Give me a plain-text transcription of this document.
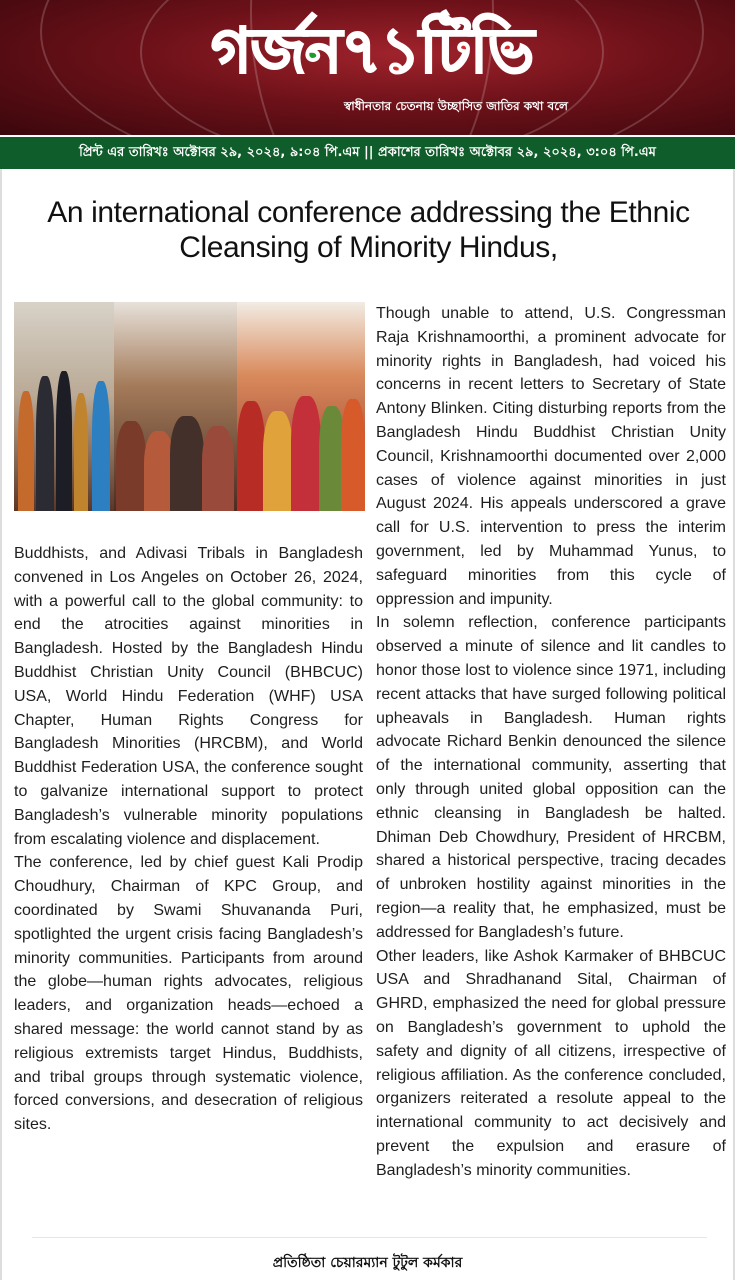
গর্জন৭১টিভি
স্বাধীনতার চেতনায় উচ্ছাসিত জাতির কথা বলে
প্রিন্ট এর তারিখঃ অক্টোবর ২৯, ২০২৪, ৯:০৪ পি.এম || প্রকাশের তারিখঃ অক্টোবর ২৯, ২০২৪, ৩:০৪ পি.এম
An international conference addressing the Ethnic Cleansing of Minority Hindus,

Buddhists, and Adivasi Tribals in Bangladesh convened in Los Angeles on October 26, 2024, with a powerful call to the global community: to end the atrocities against minorities in Bangladesh. Hosted by the Bangladesh Hindu Buddhist Christian Unity Council (BHBCUC) USA, World Hindu Federation (WHF) USA Chapter, Human Rights Congress for Bangladesh Minorities (HRCBM), and World Buddhist Federation USA, the conference sought to galvanize international support to protect Bangladesh’s vulnerable minority populations from escalating violence and displacement.

The conference, led by chief guest Kali Prodip Choudhury, Chairman of KPC Group, and coordinated by Swami Shuvananda Puri, spotlighted the urgent crisis facing Bangladesh’s minority communities. Participants from around the globe—human rights advocates, religious leaders, and organization heads—echoed a shared message: the world cannot stand by as religious extremists target Hindus, Buddhists, and tribal groups through systematic violence, forced conversions, and desecration of religious sites.

Though unable to attend, U.S. Congressman Raja Krishnamoorthi, a prominent advocate for minority rights in Bangladesh, had voiced his concerns in recent letters to Secretary of State Antony Blinken. Citing disturbing reports from the Bangladesh Hindu Buddhist Christian Unity Council, Krishnamoorthi documented over 2,000 cases of violence against minorities in just August 2024. His appeals underscored a grave call for U.S. intervention to press the interim government, led by Muhammad Yunus, to safeguard minorities from this cycle of oppression and impunity.

In solemn reflection, conference participants observed a minute of silence and lit candles to honor those lost to violence since 1971, including recent attacks that have surged following political upheavals in Bangladesh. Human rights advocate Richard Benkin denounced the silence of the international community, asserting that only through united global opposition can the ethnic cleansing in Bangladesh be halted. Dhiman Deb Chowdhury, President of HRCBM, shared a historical perspective, tracing decades of unbroken hostility against minorities in the region—a reality that, he emphasized, must be addressed for Bangladesh’s future.

Other leaders, like Ashok Karmaker of BHBCUC USA and Shradhanand Sital, Chairman of GHRD, emphasized the need for global pressure on Bangladesh’s government to uphold the safety and dignity of all citizens, irrespective of religious affiliation. As the conference concluded, organizers reiterated a resolute appeal to the international community to act decisively and prevent the expulsion and erasure of Bangladesh’s minority communities.

প্রতিষ্ঠিতা চেয়ারম্যান টুটুল কর্মকার
